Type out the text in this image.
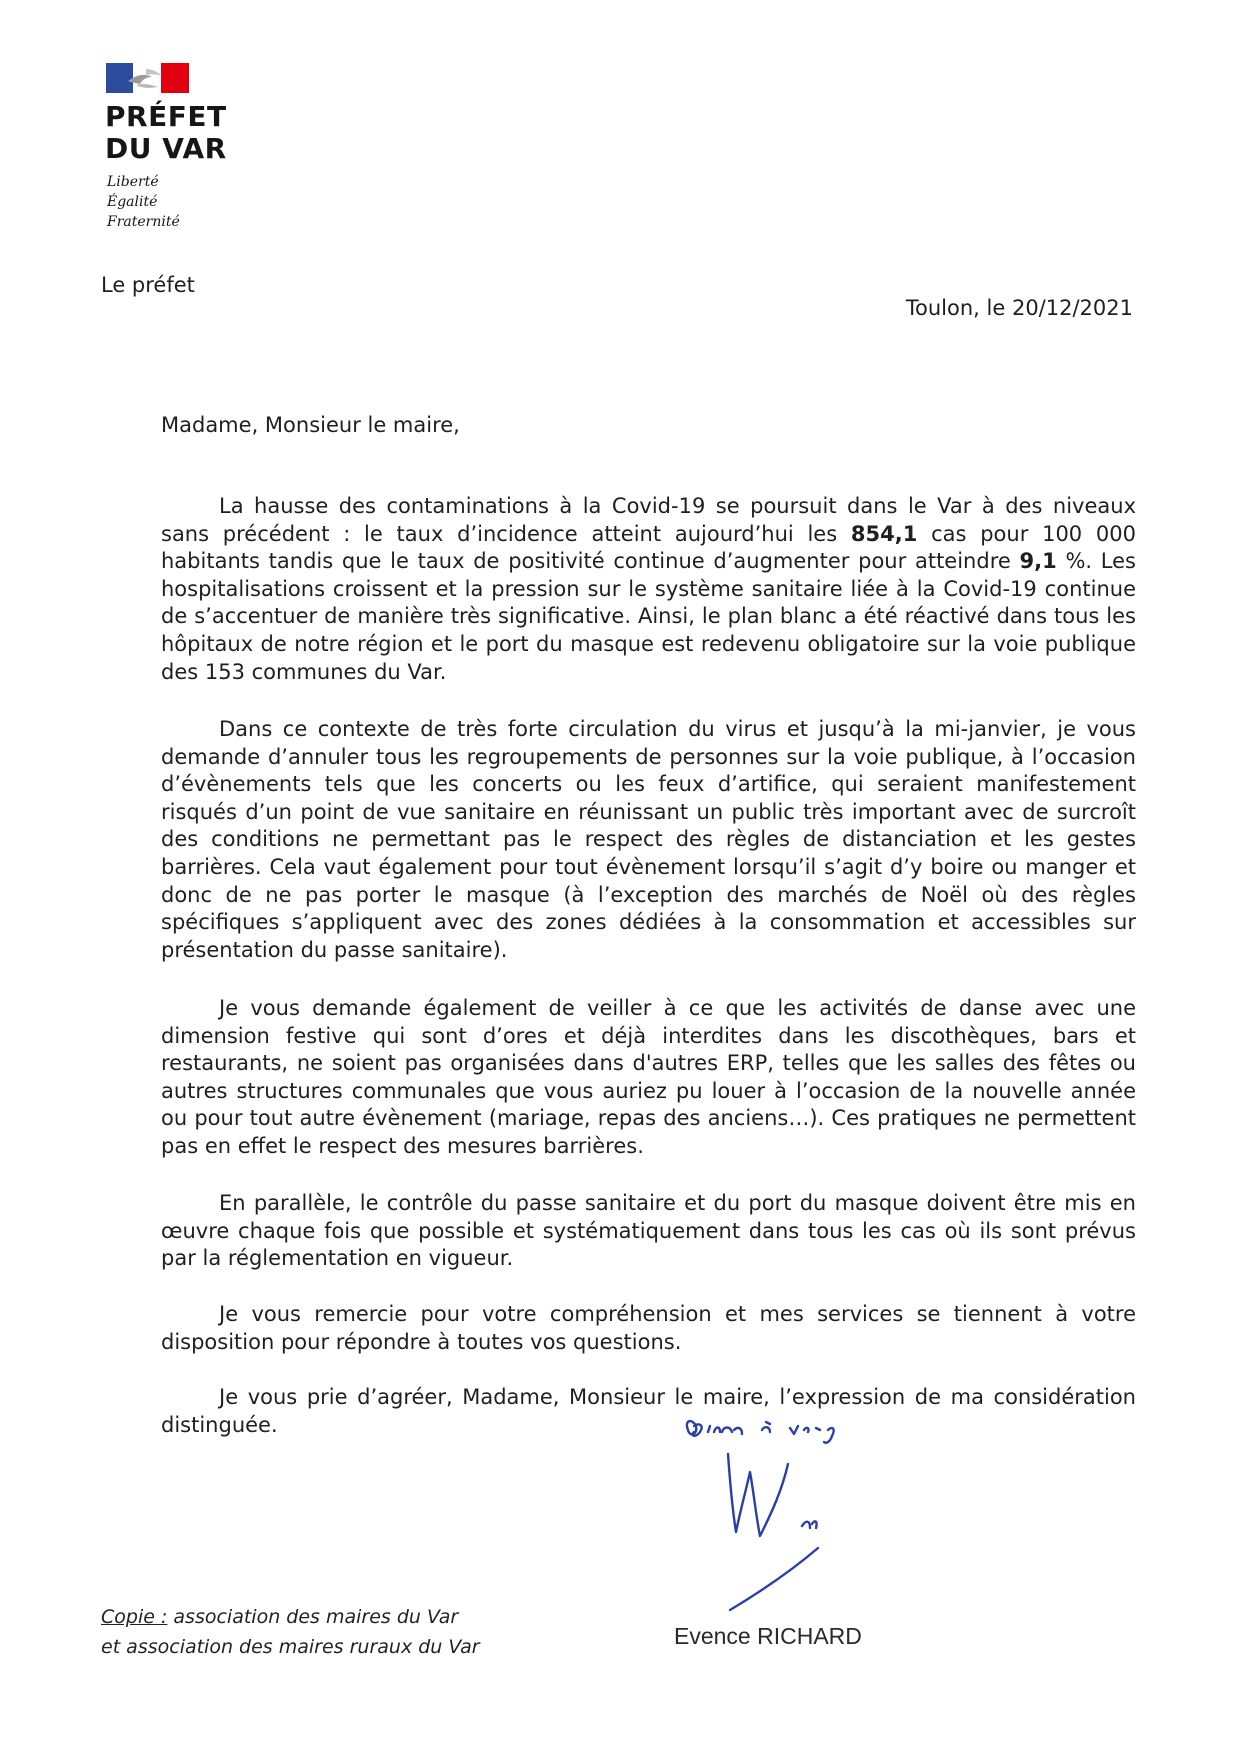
PRÉFET
DU VAR
Liberté
Égalité
Fraternité
Le préfet
Toulon, le 20/12/2021
Madame, Monsieur le maire,

La hausse des contaminations à la Covid-19 se poursuit dans le Var à des niveaux sans précédent : le taux d’incidence atteint aujourd’hui les 854,1 cas pour 100 000 habitants tandis que le taux de positivité continue d’augmenter pour atteindre 9,1 %. Les hospitalisations croissent et la pression sur le système sanitaire liée à la Covid-19 continue de s’accentuer de manière très significative. Ainsi, le plan blanc a été réactivé dans tous les hôpitaux de notre région et le port du masque est redevenu obligatoire sur la voie publique des 153 communes du Var.

Dans ce contexte de très forte circulation du virus et jusqu’à la mi-janvier, je vous demande d’annuler tous les regroupements de personnes sur la voie publique, à l’occasion d’évènements tels que les concerts ou les feux d’artifice, qui seraient manifestement risqués d’un point de vue sanitaire en réunissant un public très important avec de surcroît des conditions ne permettant pas le respect des règles de distanciation et les gestes barrières. Cela vaut également pour tout évènement lorsqu’il s’agit d’y boire ou manger et donc de ne pas porter le masque (à l’exception des marchés de Noël où des règles spécifiques s’appliquent avec des zones dédiées à la consommation et accessibles sur présentation du passe sanitaire).

Je vous demande également de veiller à ce que les activités de danse avec une dimension festive qui sont d’ores et déjà interdites dans les discothèques, bars et restaurants, ne soient pas organisées dans d'autres ERP, telles que les salles des fêtes ou autres structures communales que vous auriez pu louer à l’occasion de la nouvelle année ou pour tout autre évènement (mariage, repas des anciens…). Ces pratiques ne permettent pas en effet le respect des mesures barrières.

En parallèle, le contrôle du passe sanitaire et du port du masque doivent être mis en œuvre chaque fois que possible et systématiquement dans tous les cas où ils sont prévus par la réglementation en vigueur.

Je vous remercie pour votre compréhension et mes services se tiennent à votre disposition pour répondre à toutes vos questions.

Je vous prie d’agréer, Madame, Monsieur le maire, l’expression de ma considération distinguée.

Evence RICHARD
Copie : association des maires du Var
et association des maires ruraux du Var
